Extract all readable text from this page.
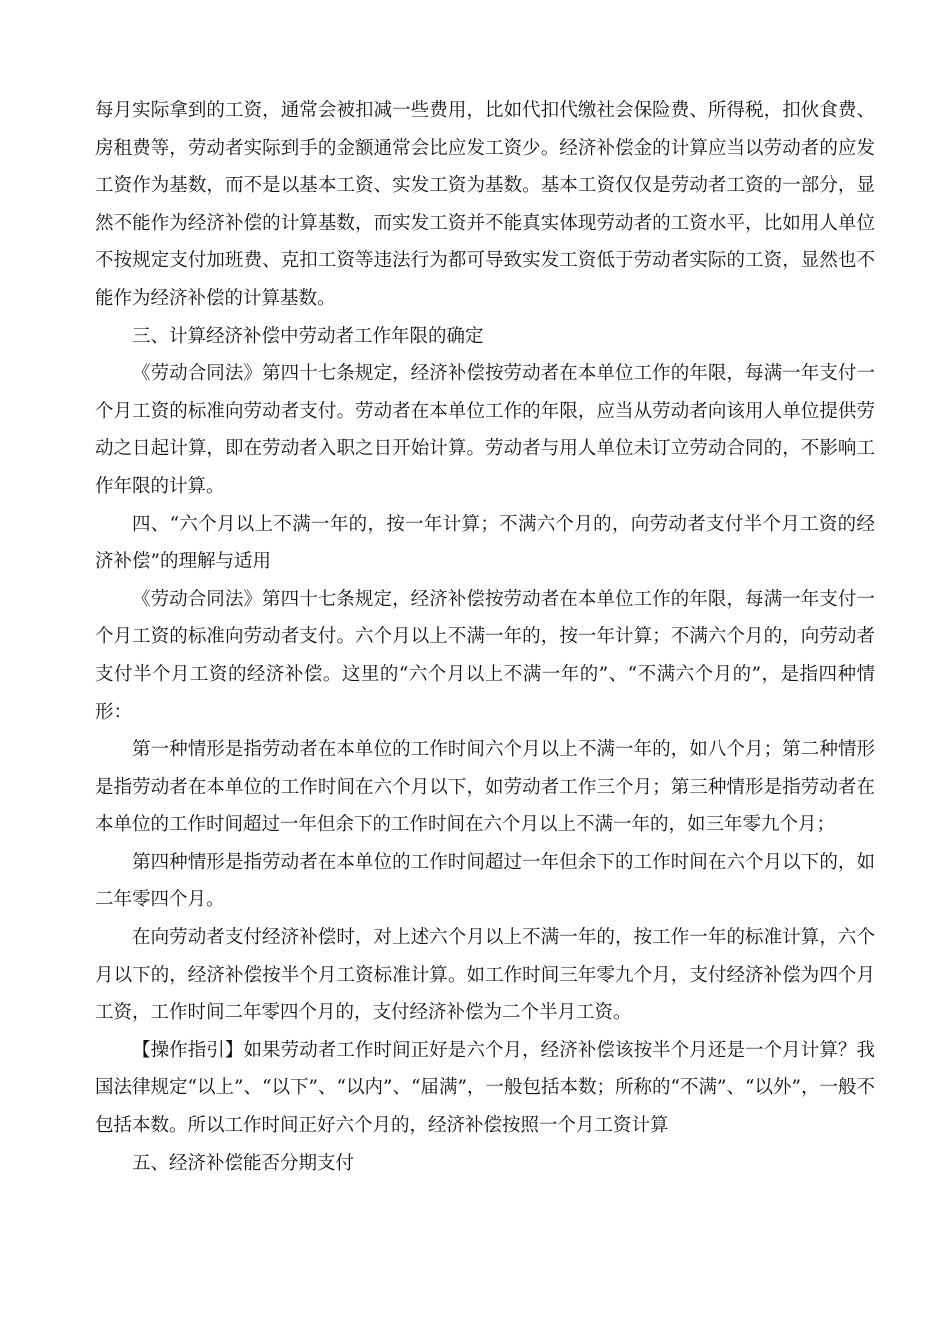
每月实际拿到的工资，通常会被扣减一些费用，比如代扣代缴社会保险费、所得税，扣伙食费、房租费等，劳动者实际到手的金额通常会比应发工资少。经济补偿金的计算应当以劳动者的应发工资作为基数，而不是以基本工资、实发工资为基数。基本工资仅仅是劳动者工资的一部分，显然不能作为经济补偿的计算基数，而实发工资并不能真实体现劳动者的工资水平，比如用人单位不按规定支付加班费、克扣工资等违法行为都可导致实发工资低于劳动者实际的工资，显然也不能作为经济补偿的计算基数。

三、计算经济补偿中劳动者工作年限的确定

《劳动合同法》第四十七条规定，经济补偿按劳动者在本单位工作的年限，每满一年支付一个月工资的标准向劳动者支付。劳动者在本单位工作的年限，应当从劳动者向该用人单位提供劳动之日起计算，即在劳动者入职之日开始计算。劳动者与用人单位未订立劳动合同的，不影响工作年限的计算。

四、“六个月以上不满一年的，按一年计算；不满六个月的，向劳动者支付半个月工资的经济补偿”的理解与适用

《劳动合同法》第四十七条规定，经济补偿按劳动者在本单位工作的年限，每满一年支付一个月工资的标准向劳动者支付。六个月以上不满一年的，按一年计算；不满六个月的，向劳动者支付半个月工资的经济补偿。这里的“六个月以上不满一年的”、“不满六个月的”，是指四种情形：

第一种情形是指劳动者在本单位的工作时间六个月以上不满一年的，如八个月；第二种情形是指劳动者在本单位的工作时间在六个月以下，如劳动者工作三个月；第三种情形是指劳动者在本单位的工作时间超过一年但余下的工作时间在六个月以上不满一年的，如三年零九个月；

第四种情形是指劳动者在本单位的工作时间超过一年但余下的工作时间在六个月以下的，如二年零四个月。

在向劳动者支付经济补偿时，对上述六个月以上不满一年的，按工作一年的标准计算，六个月以下的，经济补偿按半个月工资标准计算。如工作时间三年零九个月，支付经济补偿为四个月工资，工作时间二年零四个月的，支付经济补偿为二个半月工资。

【操作指引】如果劳动者工作时间正好是六个月，经济补偿该按半个月还是一个月计算？我国法律规定“以上”、“以下”、“以内”、“届满”，一般包括本数；所称的“不满”、“以外”，一般不包括本数。所以工作时间正好六个月的，经济补偿按照一个月工资计算

五、经济补偿能否分期支付
